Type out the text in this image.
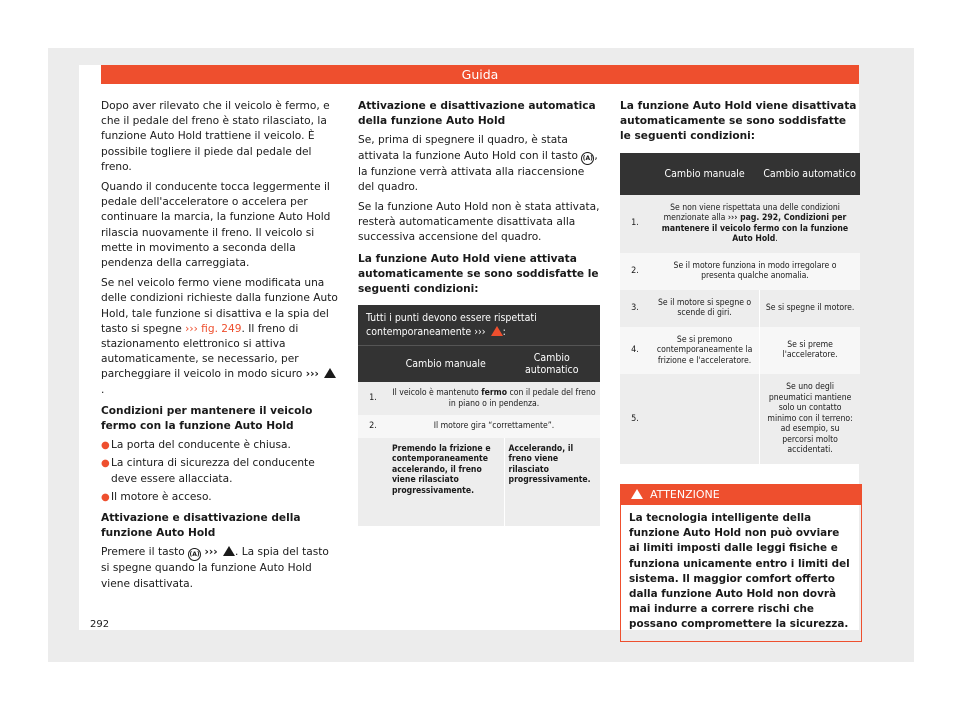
Guida

Dopo aver rilevato che il veicolo è fermo, e che il pedale del freno è stato rilasciato, la funzione Auto Hold trattiene il veicolo. È possibile togliere il piede dal pedale del freno.

Quando il conducente tocca leggermente il pedale dell'acceleratore o accelera per continuare la marcia, la funzione Auto Hold rilascia nuovamente il freno. Il veicolo si mette in movimento a seconda della pendenza della carreggiata.

Se nel veicolo fermo viene modificata una delle condizioni richieste dalla funzione Auto Hold, tale funzione si disattiva e la spia del tasto si spegne ››› fig. 249. Il freno di stazionamento elettronico si attiva automaticamente, se necessario, per parcheggiare il veicolo in modo sicuro ››› .

Condizioni per mantenere il veicolo fermo con la funzione Auto Hold
● La porta del conducente è chiusa.
● La cintura di sicurezza del conducente deve essere allacciata.
● Il motore è acceso.
Attivazione e disattivazione della funzione Auto Hold

Premere il tasto (A) ››› . La spia del tasto si spegne quando la funzione Auto Hold viene disattivata.

Attivazione e disattivazione automatica della funzione Auto Hold

Se, prima di spegnere il quadro, è stata attivata la funzione Auto Hold con il tasto (A), la funzione verrà attivata alla riaccensione del quadro.

Se la funzione Auto Hold non è stata attivata, resterà automaticamente disattivata alla successiva accensione del quadro.

La funzione Auto Hold viene attivata automaticamente se sono soddisfatte le seguenti condizioni:
Tutti i punti devono essere rispettati contemporaneamente ››› :		
	Cambio manuale	Cambio automatico
1.	Il veicolo è mantenuto fermo con il pedale del freno in piano o in pendenza.	
2.	Il motore gira “correttamente”.	
	Premendo la frizione e contemporaneamente accelerando, il freno viene rilasciato progressivamente.	Accelerando, il freno viene rilasciato progressivamente.
La funzione Auto Hold viene disattivata automaticamente se sono soddisfatte le seguenti condizioni:
	Cambio manuale	Cambio automatico
1.	Se non viene rispettata una delle condizioni menzionate alla ››› pag. 292, Condizioni per mantenere il veicolo fermo con la funzione Auto Hold.	
2.	Se il motore funziona in modo irregolare o presenta qualche anomalia.	
3.	Se il motore si spegne o scende di giri.	Se si spegne il motore.
4.	Se si premono contemporaneamente la frizione e l'acceleratore.	Se si preme l'acceleratore.
5.		Se uno degli pneumatici mantiene solo un contatto minimo con il terreno: ad esempio, su percorsi molto accidentati.
ATTENZIONE
La tecnologia intelligente della funzione Auto Hold non può ovviare ai limiti imposti dalle leggi fisiche e funziona unicamente entro i limiti del sistema. Il maggior comfort offerto dalla funzione Auto Hold non dovrà mai indurre a correre rischi che possano compromettere la sicurezza.
292
